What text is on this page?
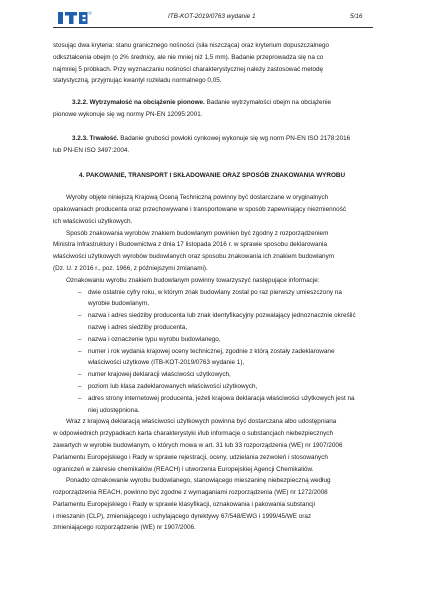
ITB-KOT-2019/0763 wydanie 1	5/16

stosując dwa kryteria: stanu granicznego nośności (siła niszcząca) oraz kryterium dopuszczalnego

odkształcenia obejm (o 2% średnicy, ale nie mniej niż 1,5 mm). Badanie przeprowadza się na co

najmniej 5 próbkach. Przy wyznaczaniu nośności charakterystycznej należy zastosować metodę

statystyczną, przyjmując kwantyl rozkładu normalnego 0,05.

3.2.2. Wytrzymałość na obciążenie pionowe. Badanie wytrzymałości obejm na obciążenie

pionowe wykonuje się wg normy PN-EN 12095:2001.

3.2.3. Trwałość. Badanie grubości powłoki cynkowej wykonuje się wg norm PN-EN ISO 2178:2016

lub PN-EN ISO 3497:2004.

4. PAKOWANIE, TRANSPORT I SKŁADOWANIE ORAZ SPOSÓB ZNAKOWANIA WYROBU

Wyroby objęte niniejszą Krajową Oceną Techniczną powinny być dostarczane w oryginalnych

opakowaniach producenta oraz przechowywane i transportowane w sposób zapewniający niezmienność

ich właściwości użytkowych.

Sposób znakowania wyrobów znakiem budowlanym powinien być zgodny z rozporządzeniem

Ministra Infrastruktury i Budownictwa z dnia 17 listopada 2016 r. w sprawie sposobu deklarowania

właściwości użytkowych wyrobów budowlanych oraz sposobu znakowania ich znakiem budowlanym

(Dz. U. z 2016 r., poz. 1966, z późniejszymi zmianami).

Oznakowaniu wyrobu znakiem budowlanym powinny towarzyszyć następujące informacje:

–	dwie ostatnie cyfry roku, w którym znak budowlany został po raz pierwszy umieszczony na

wyrobie budowlanym,

–	nazwa i adres siedziby producenta lub znak identyfikacyjny pozwalający jednoznacznie określić

nazwę i adres siedziby producenta,

–	nazwa i oznaczenie typu wyrobu budowlanego,

–	numer i rok wydania krajowej oceny technicznej, zgodnie z którą zostały zadeklarowane

właściwości użytkowe (ITB-KOT-2019/0763 wydanie 1),

–	numer krajowej deklaracji właściwości użytkowych,

–	poziom lub klasa zadeklarowanych właściwości użytkowych,

–	adres strony internetowej producenta, jeżeli krajowa deklaracja właściwości użytkowych jest na

niej udostępniona.

Wraz z krajową deklaracją właściwości użytkowych powinna być dostarczana albo udostępniana

w odpowiednich przypadkach karta charakterystyki i/lub informacje o substancjach niebezpiecznych

zawartych w wyrobie budowlanym, o których mowa w art. 31 lub 33 rozporządzenia (WE) nr 1907/2006

Parlamentu Europejskiego i Rady w sprawie rejestracji, oceny, udzielania zezwoleń i stosowanych

ograniczeń w zakresie chemikaliów (REACH) i utworzenia Europejskiej Agencji Chemikaliów.

Ponadto oznakowanie wyrobu budowlanego, stanowiącego mieszaninę niebezpieczną według

rozporządzenia REACH, powinno być zgodne z wymaganiami rozporządzenia (WE) nr 1272/2008

Parlamentu Europejskiego i Rady w sprawie klasyfikacji, oznakowania i pakowania substancji

i mieszanin (CLP), zmieniającego i uchylającego dyrektywy 67/548/EWG i 1999/45/WE oraz

zmieniającego rozporządzenie (WE) nr 1907/2006.
